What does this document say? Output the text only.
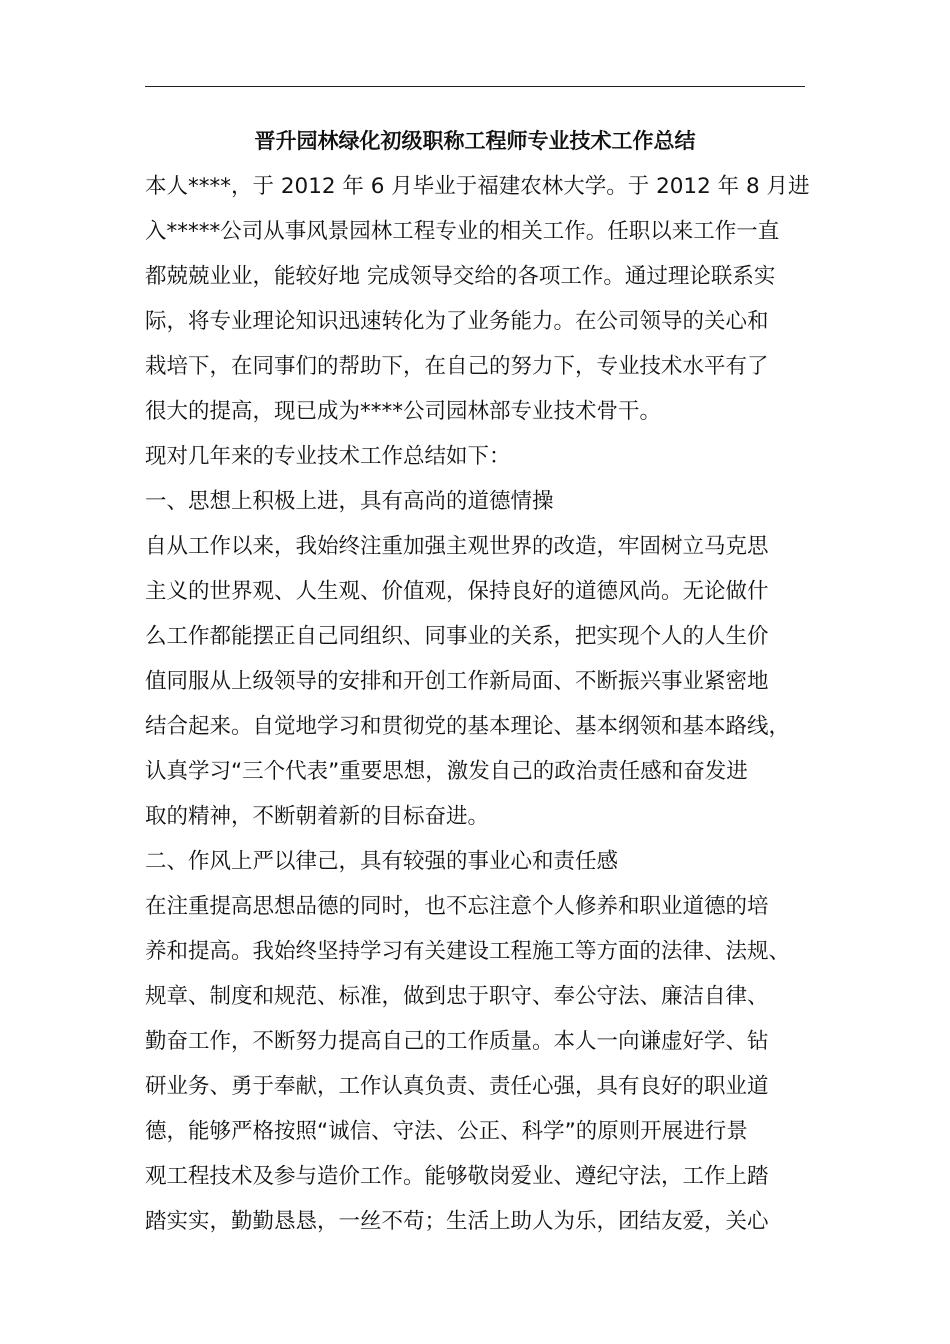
晋升园林绿化初级职称工程师专业技术工作总结
本人****，于 2012 年 6 月毕业于福建农林大学。于 2012 年 8 月进
入*****公司从事风景园林工程专业的相关工作。任职以来工作一直
都兢兢业业，能较好地 完成领导交给的各项工作。通过理论联系实
际，将专业理论知识迅速转化为了业务能力。在公司领导的关心和
栽培下，在同事们的帮助下，在自己的努力下，专业技术水平有了
很大的提高，现已成为****公司园林部专业技术骨干。
现对几年来的专业技术工作总结如下：
一、思想上积极上进，具有高尚的道德情操
自从工作以来，我始终注重加强主观世界的改造，牢固树立马克思
主义的世界观、人生观、价值观，保持良好的道德风尚。无论做什
么工作都能摆正自己同组织、同事业的关系，把实现个人的人生价
值同服从上级领导的安排和开创工作新局面、不断振兴事业紧密地
结合起来。自觉地学习和贯彻党的基本理论、基本纲领和基本路线，
认真学习“三个代表”重要思想，激发自己的政治责任感和奋发进
取的精神，不断朝着新的目标奋进。
二、作风上严以律己，具有较强的事业心和责任感
在注重提高思想品德的同时，也不忘注意个人修养和职业道德的培
养和提高。我始终坚持学习有关建设工程施工等方面的法律、法规、
规章、制度和规范、标准，做到忠于职守、奉公守法、廉洁自律、
勤奋工作，不断努力提高自己的工作质量。本人一向谦虚好学、钻
研业务、勇于奉献，工作认真负责、责任心强，具有良好的职业道
德，能够严格按照“诚信、守法、公正、科学”的原则开展进行景
观工程技术及参与造价工作。能够敬岗爱业、遵纪守法，工作上踏
踏实实，勤勤恳恳，一丝不苟；生活上助人为乐，团结友爱，关心
